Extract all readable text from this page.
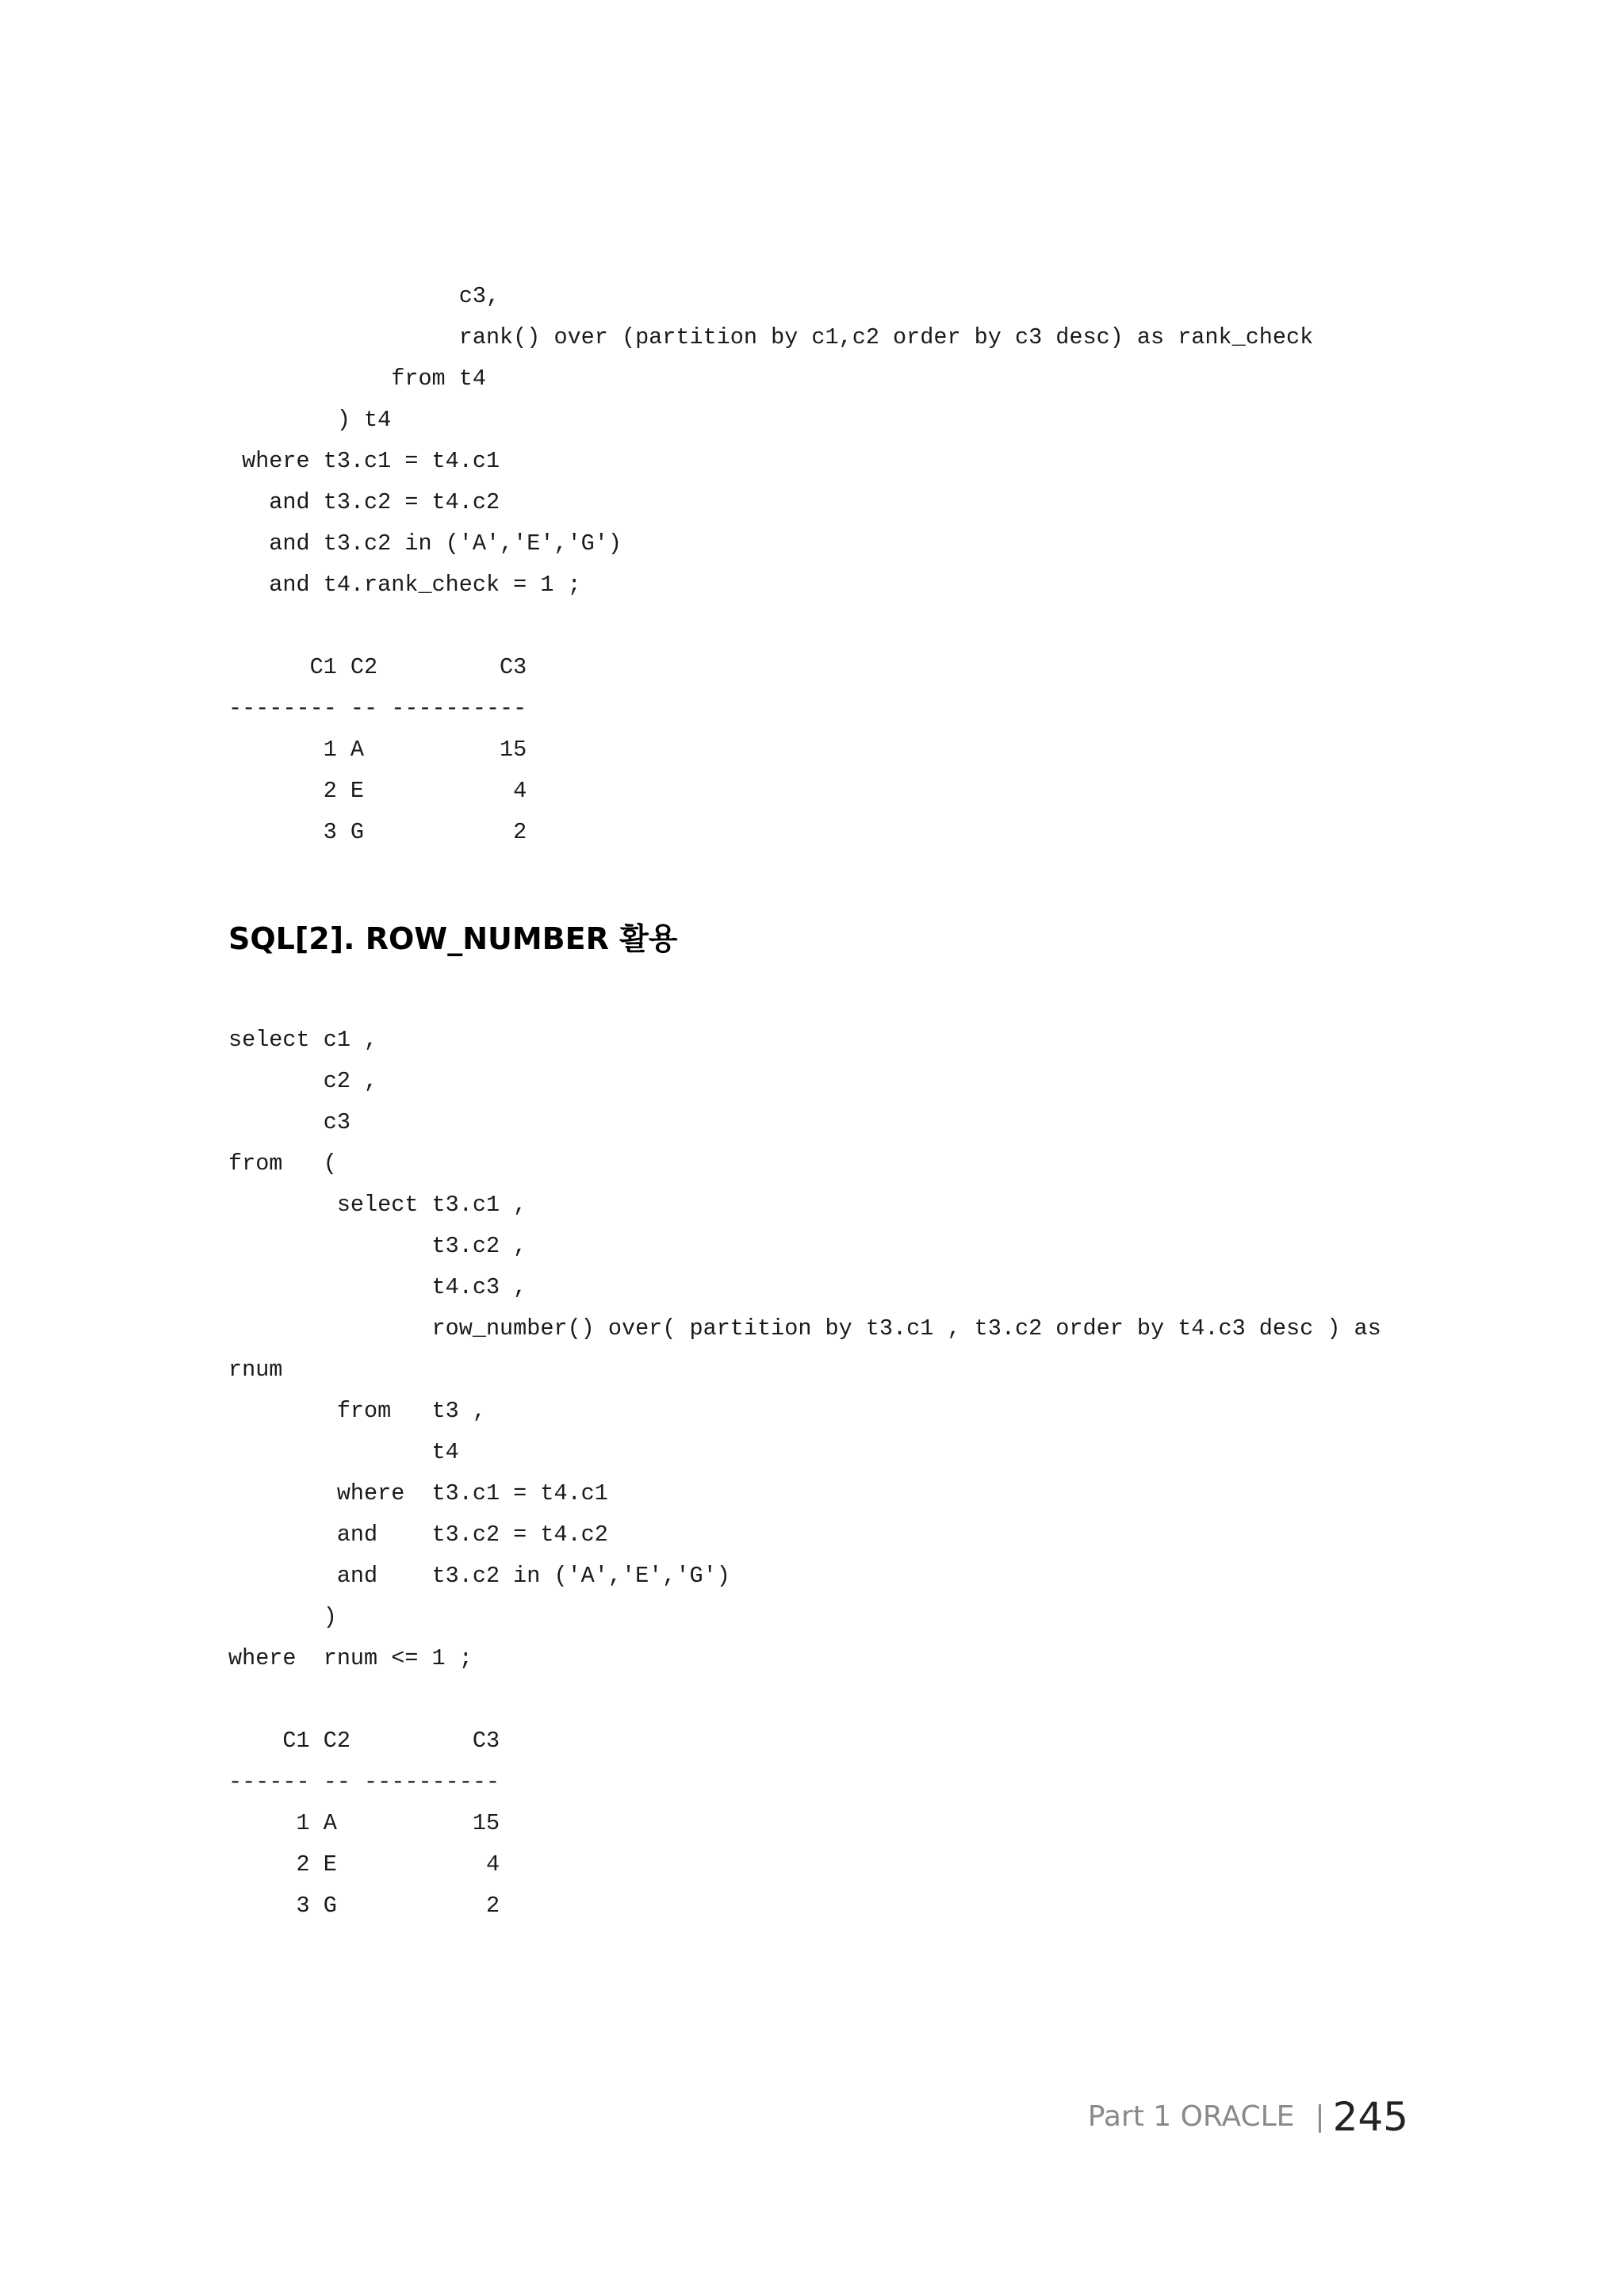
c3,
rank() over (partition by c1,c2 order by c3 desc) as rank_check
from t4
) t4
where t3.c1 = t4.c1
and t3.c2 = t4.c2
and t3.c2 in ('A','E','G')
and t4.rank_check = 1 ;
C1 C2         C3
-------- -- ----------
1 A          15
2 E           4
3 G           2
SQL[2]. ROW_NUMBER 활용
select c1 ,
c2 ,
c3
from   (
select t3.c1 ,
t3.c2 ,
t4.c3 ,
row_number() over( partition by t3.c1 , t3.c2 order by t4.c3 desc ) as
rnum
from   t3 ,
t4
where  t3.c1 = t4.c1
and    t3.c2 = t4.c2
and    t3.c2 in ('A','E','G')
)
where  rnum <= 1 ;
C1 C2         C3
------ -- ----------
1 A          15
2 E           4
3 G           2
Part 1 ORACLE | 245
